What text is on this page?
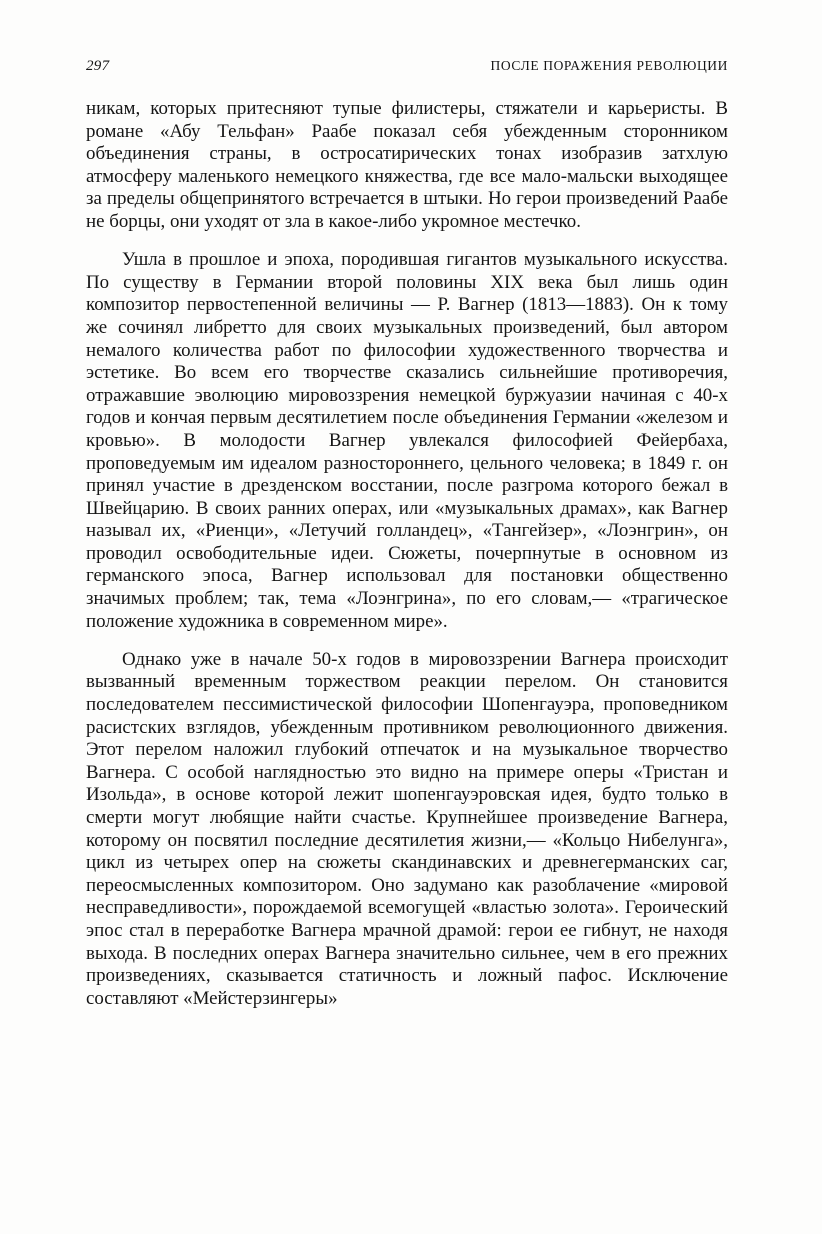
297	ПОСЛЕ ПОРАЖЕНИЯ РЕВОЛЮЦИИ

никам, которых притесняют тупые филистеры, стяжатели и карьеристы. В романе «Абу Тельфан» Раабе показал себя убежденным сторонником объединения страны, в остросатирических тонах изобразив затхлую атмосферу маленького немецкого княжества, где все мало-мальски выходящее за пределы общепринятого встречается в штыки. Но герои произведений Раабе не борцы, они уходят от зла в какое-либо укромное местечко.

Ушла в прошлое и эпоха, породившая гигантов музыкального искусства. По существу в Германии второй половины XIX века был лишь один композитор первостепенной величины — Р. Вагнер (1813—1883). Он к тому же сочинял либретто для своих музыкальных произведений, был автором немалого количества работ по философии художественного творчества и эстетике. Во всем его творчестве сказались сильнейшие противоречия, отражавшие эволюцию мировоззрения немецкой буржуазии начиная с 40-х годов и кончая первым десятилетием после объединения Германии «железом и кровью». В молодости Вагнер увлекался философией Фейербаха, проповедуемым им идеалом разностороннего, цельного человека; в 1849 г. он принял участие в дрезденском восстании, после разгрома которого бежал в Швейцарию. В своих ранних операх, или «музыкальных драмах», как Вагнер называл их, «Риенци», «Летучий голландец», «Тангейзер», «Лоэнгрин», он проводил освободительные идеи. Сюжеты, почерпнутые в основном из германского эпоса, Вагнер использовал для постановки общественно значимых проблем; так, тема «Лоэнгрина», по его словам,— «трагическое положение художника в современном мире».

Однако уже в начале 50-х годов в мировоззрении Вагнера происходит вызванный временным торжеством реакции перелом. Он становится последователем пессимистической философии Шопенгауэра, проповедником расистских взглядов, убежденным противником революционного движения. Этот перелом наложил глубокий отпечаток и на музыкальное творчество Вагнера. С особой наглядностью это видно на примере оперы «Тристан и Изольда», в основе которой лежит шопенгауэровская идея, будто только в смерти могут любящие найти счастье. Крупнейшее произведение Вагнера, которому он посвятил последние десятилетия жизни,— «Кольцо Нибелунга», цикл из четырех опер на сюжеты скандинавских и древнегерманских саг, переосмысленных композитором. Оно задумано как разоблачение «мировой несправедливости», порождаемой всемогущей «властью золота». Героический эпос стал в переработке Вагнера мрачной драмой: герои ее гибнут, не находя выхода. В последних операх Вагнера значительно сильнее, чем в его прежних произведениях, сказывается статичность и ложный пафос. Исключение составляют «Мейстерзингеры»
